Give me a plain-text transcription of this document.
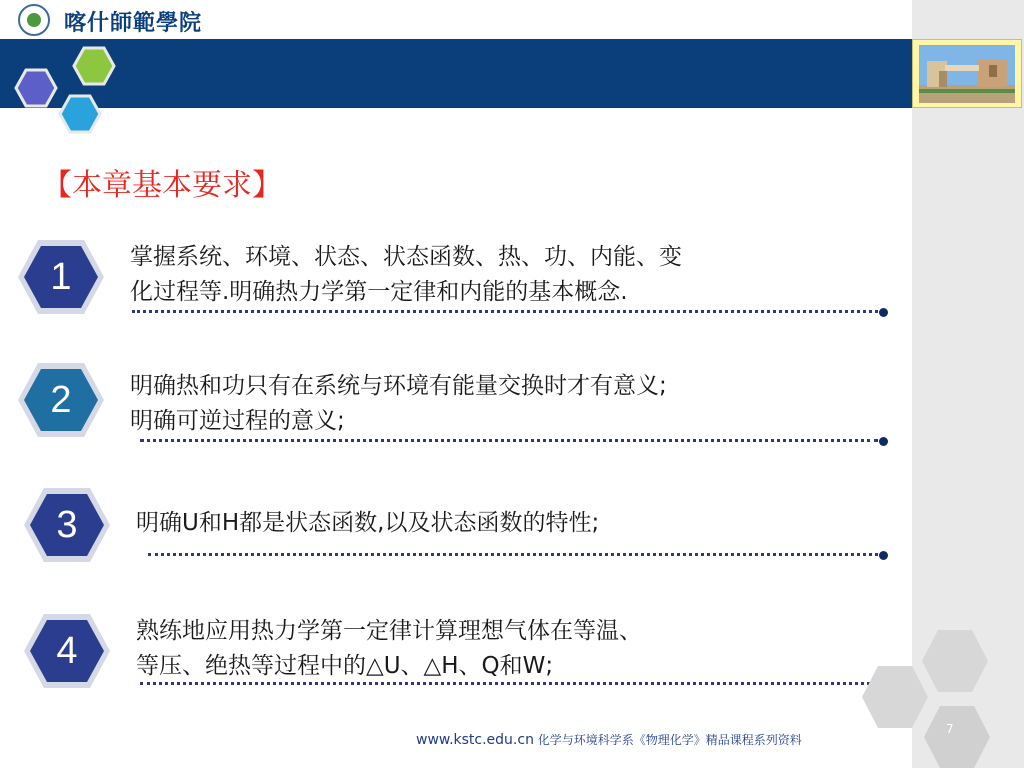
喀什師範學院
【本章基本要求】
1	掌握系统、环境、状态、状态函数、热、功、内能、变
化过程等.明确热力学第一定律和内能的基本概念.
2	明确热和功只有在系统与环境有能量交换时才有意义;
明确可逆过程的意义;
3	明确U和H都是状态函数,以及状态函数的特性;
4	熟练地应用热力学第一定律计算理想气体在等温、
等压、绝热等过程中的△U、△H、Q和W;
7
www.kstc.edu.cn 化学与环境科学系《物理化学》精品课程系列资料
